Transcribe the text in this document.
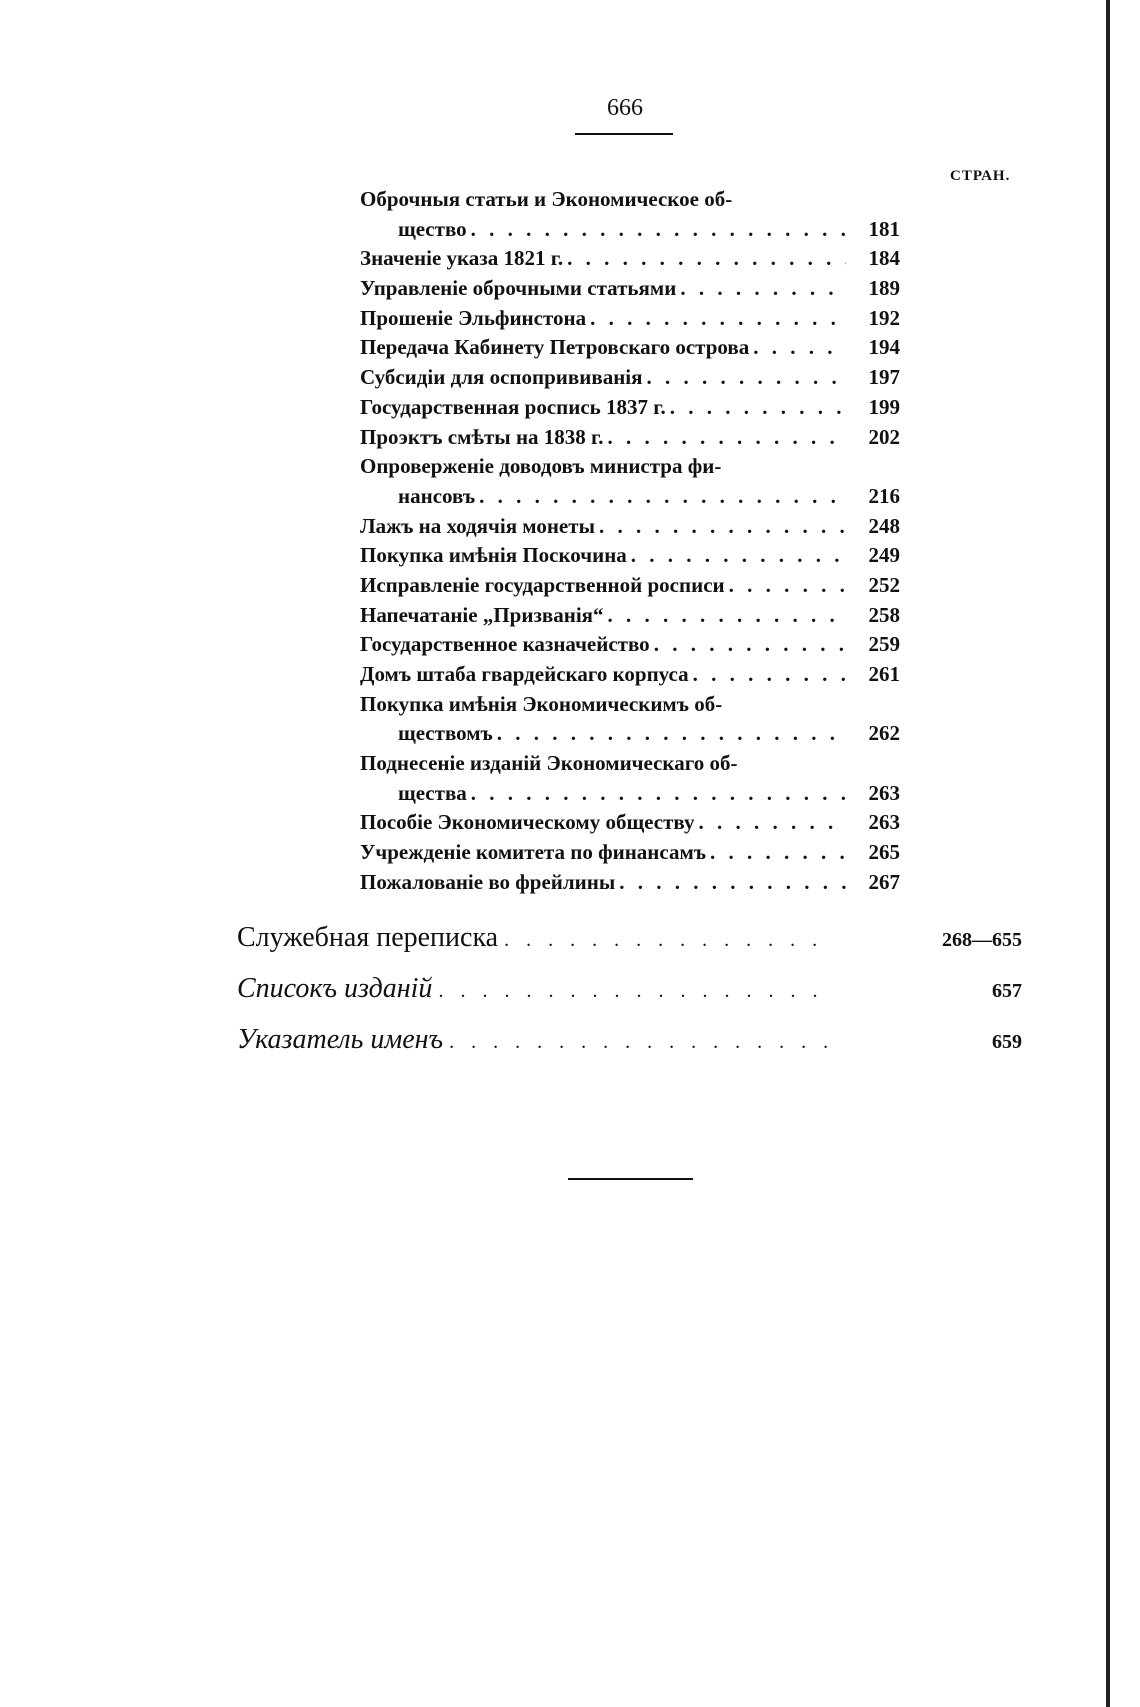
666
СТРАН.
Оброчныя статьи и Экономическое об-
щество . . .	181
Значеніе указа 1821 г. . . .	184
Управленіе оброчными статьями . . .	189
Прошеніе Эльфинстона . . .	192
Передача Кабинету Петровскаго острова . . .	194
Субсидіи для оспопрививанія . . .	197
Государственная роспись 1837 г. . . .	199
Проэктъ смѣты на 1838 г. . . .	202
Опроверженіе доводовъ министра фи-
нансовъ . . .	216
Лажъ на ходячія монеты . . .	248
Покупка имѣнія Поскочина . . .	249
Исправленіе государственной росписи . . .	252
Напечатаніе „Призванія“ . . .	258
Государственное казначейство . . .	259
Домъ штаба гвардейскаго корпуса . . .	261
Покупка имѣнія Экономическимъ об-
ществомъ . . .	262
Поднесеніе изданій Экономическаго об-
щества . . .	263
Пособіе Экономическому обществу . . .	263
Учрежденіе комитета по финансамъ . . .	265
Пожалованіе во фрейлины . . .	267
Служебная переписка . . .	268—655
Списокъ изданій . . .	657
Указатель именъ . . .	659
